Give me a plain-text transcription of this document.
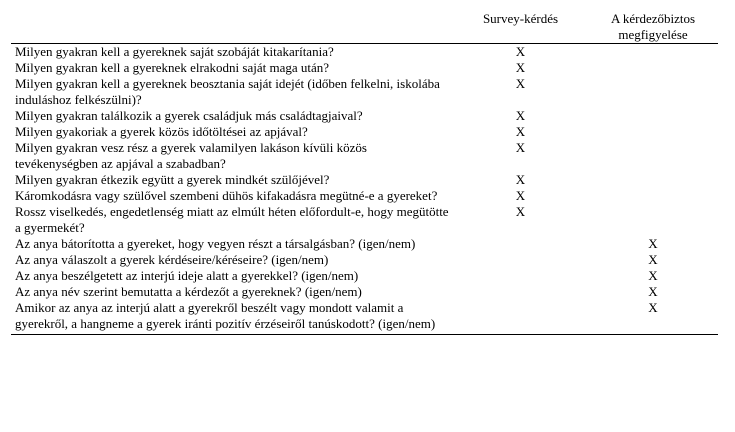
	Survey-kérdés	A kérdezőbiztos megfigyelése
Milyen gyakran kell a gyereknek saját szobáját kitakarítania?	X	
Milyen gyakran kell a gyereknek elrakodni saját maga után?	X	
Milyen gyakran kell a gyereknek beosztania saját idejét (időben felkelni, iskolába induláshoz felkészülni)?	X	
Milyen gyakran találkozik a gyerek családjuk más családtagjaival?	X	
Milyen gyakoriak a gyerek közös időtöltései az apjával?	X	
Milyen gyakran vesz rész a gyerek valamilyen lakáson kívüli közös tevékenységben az apjával a szabadban?	X	
Milyen gyakran étkezik együtt a gyerek mindkét szülőjével?	X	
Káromkodásra vagy szülővel szembeni dühös kifakadásra megütné-e a gyereket?	X	
Rossz viselkedés, engedetlenség miatt az elmúlt héten előfordult-e, hogy megütötte a gyermekét?	X	
Az anya bátorította a gyereket, hogy vegyen részt a társalgásban? (igen/nem)		X
Az anya válaszolt a gyerek kérdéseire/kéréseire? (igen/nem)		X
Az anya beszélgetett az interjú ideje alatt a gyerekkel? (igen/nem)		X
Az anya név szerint bemutatta a kérdezőt a gyereknek? (igen/nem)		X
Amikor az anya az interjú alatt a gyerekről beszélt vagy mondott valamit a gyerekről, a hangneme a gyerek iránti pozitív érzéseiről tanúskodott? (igen/nem)		X
